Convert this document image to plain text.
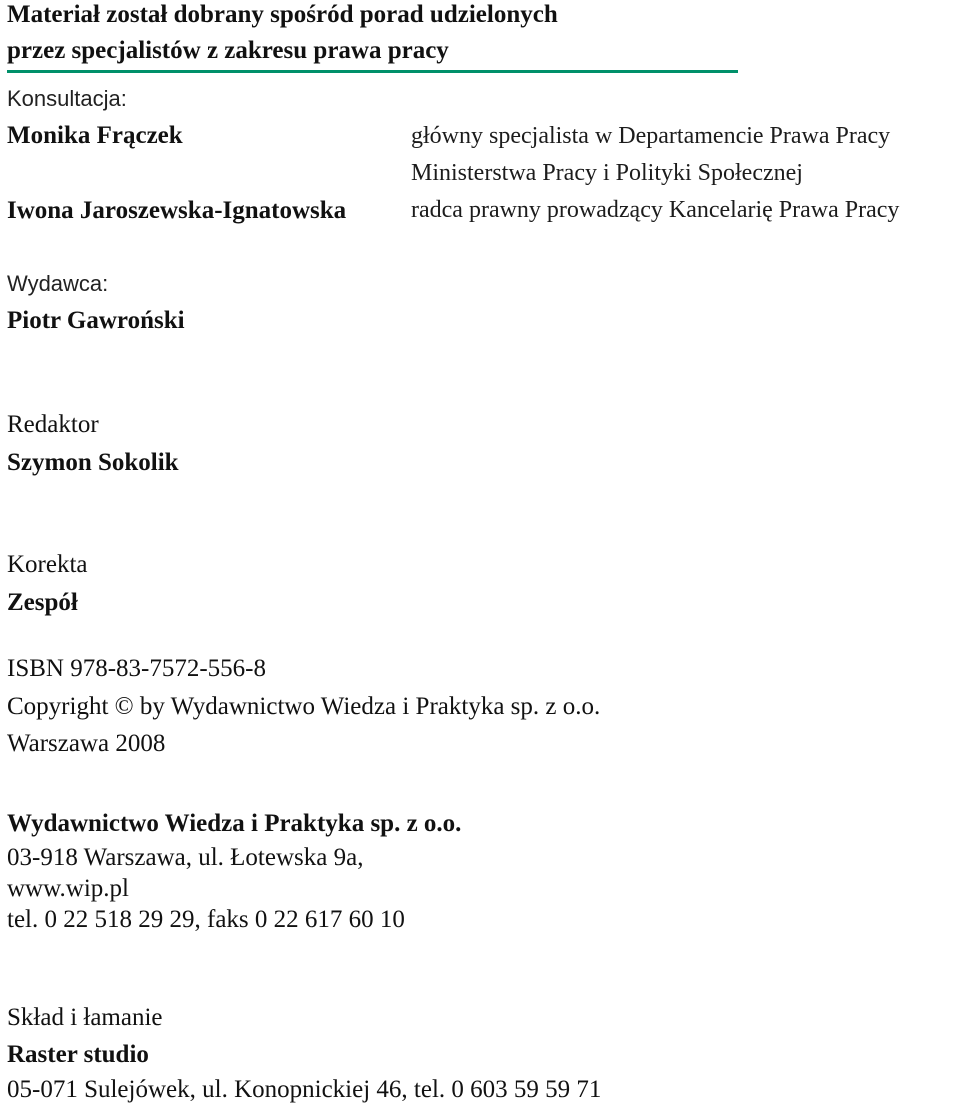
Materiał został dobrany spośród porad udzielonych
przez specjalistów z zakresu prawa pracy
Konsultacja:
Monika Frączek	główny specjalista w Departamencie Prawa Pracy
Ministerstwa Pracy i Polityki Społecznej
Iwona Jaroszewska-Ignatowska	radca prawny prowadzący Kancelarię Prawa Pracy
Wydawca:
Piotr Gawroński
Redaktor
Szymon Sokolik
Korekta
Zespół
ISBN 978-83-7572-556-8
Copyright © by Wydawnictwo Wiedza i Praktyka sp. z o.o.
Warszawa 2008
Wydawnictwo Wiedza i Praktyka sp. z o.o.
03-918 Warszawa, ul. Łotewska 9a,
www.wip.pl
tel. 0 22 518 29 29, faks 0 22 617 60 10
Skład i łamanie
Raster studio
05-071 Sulejówek, ul. Konopnickiej 46, tel. 0 603 59 59 71
